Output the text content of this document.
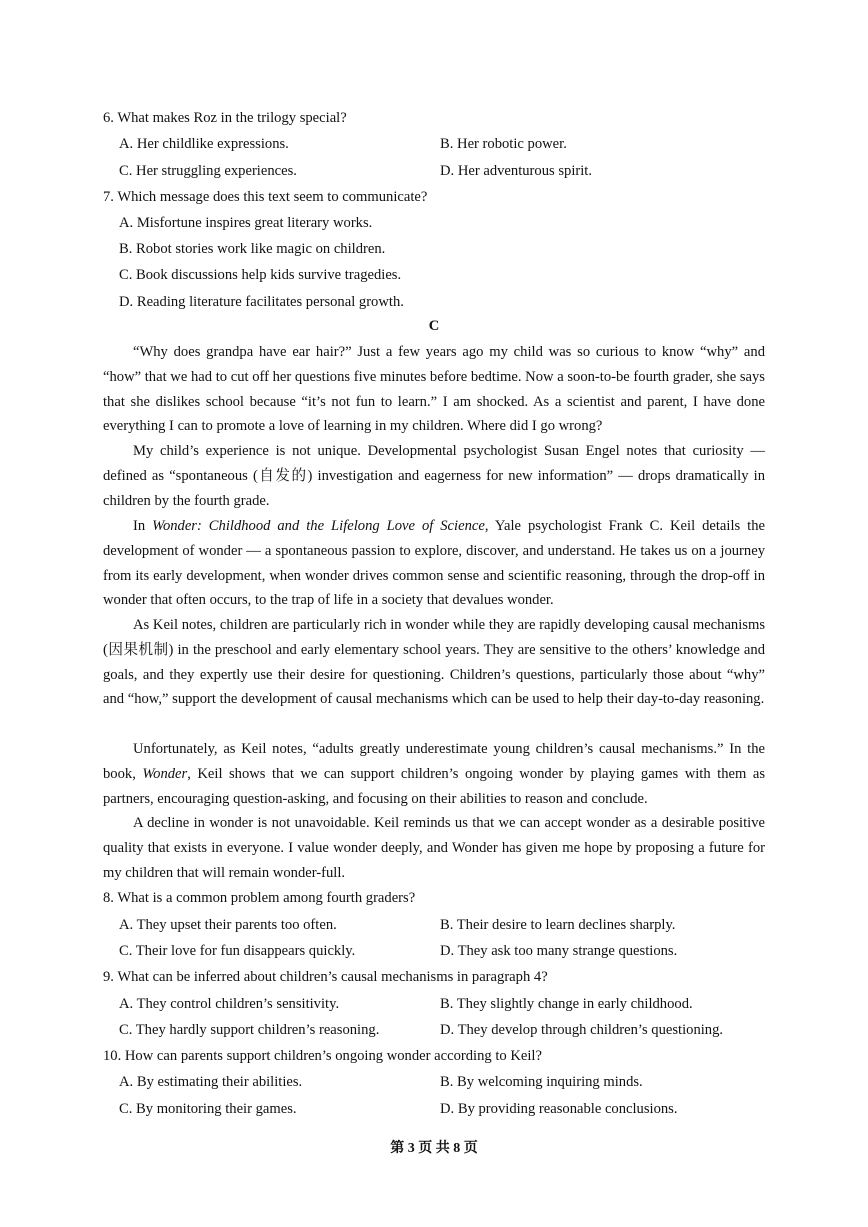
6. What makes Roz in the trilogy special?
A. Her childlike expressions.	B. Her robotic power.
C. Her struggling experiences.	D. Her adventurous spirit.
7. Which message does this text seem to communicate?
A. Misfortune inspires great literary works.
B. Robot stories work like magic on children.
C. Book discussions help kids survive tragedies.
D. Reading literature facilitates personal growth.
C

“Why does grandpa have ear hair?” Just a few years ago my child was so curious to know “why” and “how” that we had to cut off her questions five minutes before bedtime. Now a soon-to-be fourth grader, she says that she dislikes school because “it’s not fun to learn.” I am shocked. As a scientist and parent, I have done everything I can to promote a love of learning in my children. Where did I go wrong?

My child’s experience is not unique. Developmental psychologist Susan Engel notes that curiosity — defined as “spontaneous (自发的) investigation and eagerness for new information” — drops dramatically in children by the fourth grade.

In Wonder: Childhood and the Lifelong Love of Science, Yale psychologist Frank C. Keil details the development of wonder — a spontaneous passion to explore, discover, and understand. He takes us on a journey from its early development, when wonder drives common sense and scientific reasoning, through the drop-off in wonder that often occurs, to the trap of life in a society that devalues wonder.

As Keil notes, children are particularly rich in wonder while they are rapidly developing causal mechanisms (因果机制) in the preschool and early elementary school years. They are sensitive to the others’ knowledge and goals, and they expertly use their desire for questioning. Children’s questions, particularly those about “why” and “how,” support the development of causal mechanisms which can be used to help their day-to-day reasoning.

Unfortunately, as Keil notes, “adults greatly underestimate young children’s causal mechanisms.” In the book, Wonder, Keil shows that we can support children’s ongoing wonder by playing games with them as partners, encouraging question-asking, and focusing on their abilities to reason and conclude.

A decline in wonder is not unavoidable. Keil reminds us that we can accept wonder as a desirable positive quality that exists in everyone. I value wonder deeply, and Wonder has given me hope by proposing a future for my children that will remain wonder-full.

8. What is a common problem among fourth graders?
A. They upset their parents too often.	B. Their desire to learn declines sharply.
C. Their love for fun disappears quickly.	D. They ask too many strange questions.
9. What can be inferred about children’s causal mechanisms in paragraph 4?
A. They control children’s sensitivity.	B. They slightly change in early childhood.
C. They hardly support children’s reasoning.	D. They develop through children’s questioning.
10. How can parents support children’s ongoing wonder according to Keil?
A. By estimating their abilities.	B. By welcoming inquiring minds.
C. By monitoring their games.	D. By providing reasonable conclusions.
第 3 页 共 8 页
